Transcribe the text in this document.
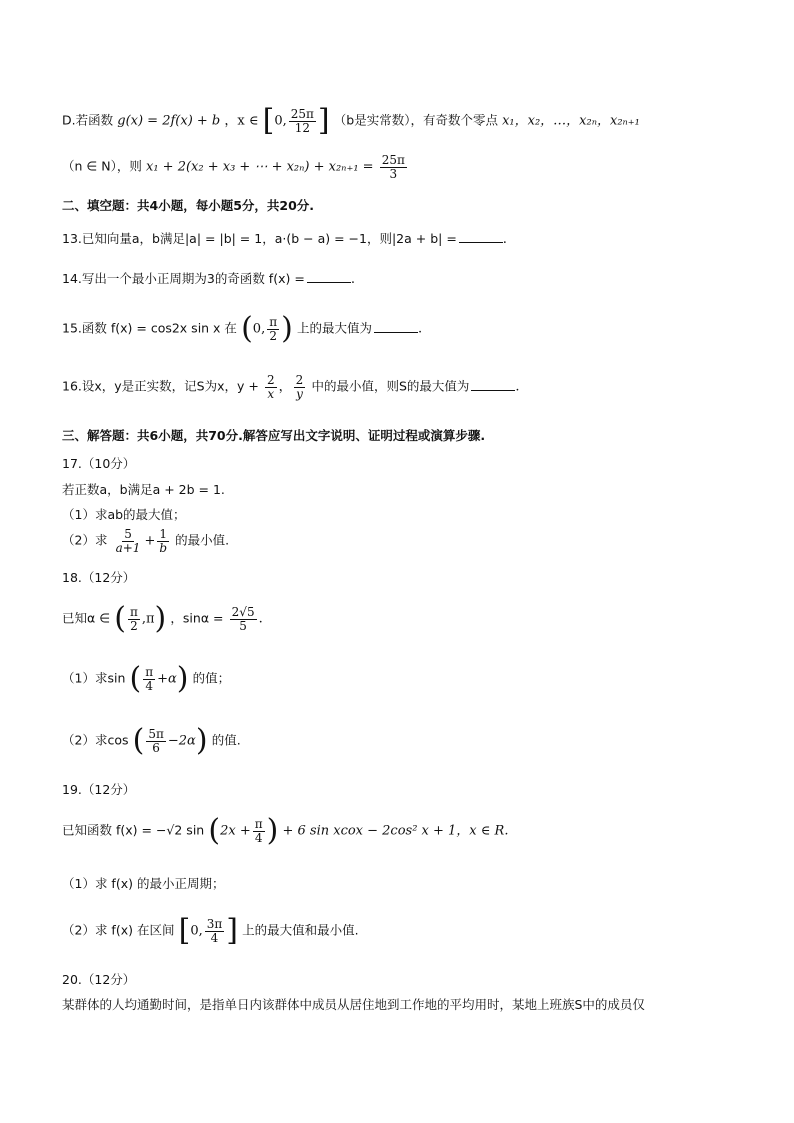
D.若函数 g(x) = 2f(x) + b ，x ∈ [0, $\frac{25\pi}{12}$ ] （b是实常数），有奇数个零点 x₁，x₂，…，x₂ₙ，x₂ₙ₊₁
（n ∈ N），则 x₁ + 2(x₂ + x₃ + ⋯ + $x_{2n}) + x_{2n+1} = \frac{25\pi}{3}$
二、填空题：共4小题，每小题5分，共20分.
13.已知向量a，b满足|a| = |b| = 1，a·(b − a) = −1，则|2a + b| =	.
14.写出一个最小正周期为3的奇函数 f(x) =	.
15.函数 f(x) = cos2x sin x 在 (0, $\frac{\pi}{2}$ ) 上的最大值为	.
16.设x，y是正实数，记S为x，$y + \frac{2}{x}$ ， $\frac{2}{y}$ 中的最小值，则S的最大值为	.
三、解答题：共6小题，共70分.解答应写出文字说明、证明过程或演算步骤.
17.（10分）
若正数a，b满足a + 2b = 1.
（1）求ab的最大值；
（2）求 $\frac{5}{a+1} + \frac{1}{b}$ 的最小值.
18.（12分）
已知α ∈ ( $\frac{\pi}{2} ,\pi$) ，$\sin\alpha = \frac{2√5}{5}$ .
（1）求sin ( $\frac{\pi}{4} +\alpha$) 的值；
（2）求cos ( $\frac{5\pi}{6} -2\alpha$) 的值.
19.（12分）
已知函数 f(x) = −√2 $\sin (2x + \frac{\pi}{4}$ ) + 6 sin xcox − 2cos² x + 1，x ∈ R.
（1）求 f(x) 的最小正周期；
（2）求 f(x) 在区间 [0, $\frac{3\pi}{4}$ ] 上的最大值和最小值.
20.（12分）
某群体的人均通勤时间，是指单日内该群体中成员从居住地到工作地的平均用时，某地上班族S中的成员仅
